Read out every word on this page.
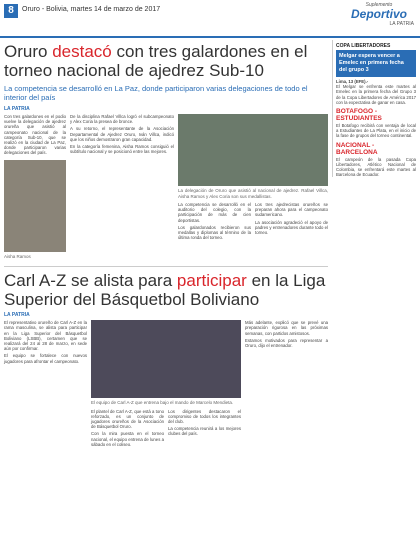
8	Oruro - Bolivia, martes 14 de marzo de 2017
Suplemento
Deportivo
LA PATRIA
Oruro destacó con tres galardones en el torneo nacional de ajedrez Sub-10
La competencia se desarrolló en La Paz, donde participaron varias delegaciones de todo el interior del país
LA PATRIA

Con tres galardones en el podio vuelve la delegación de ajedrez orureña que asistió al campeonato nacional de la categoría Sub-10, que se realizó en la ciudad de La Paz, donde participaron varias delegaciones del país.

Aisha Ramos

De la disciplina Rafael Villca logró el subcampeonato y Alex Coria la presea de bronce.

A su retorno, el representante de la Asociación Departamental de Ajedrez Oruro, Iván Villca, indicó que los niños demostraron gran capacidad.

En la categoría femenina, Aisha Ramos consiguió el subtítulo nacional y se posicionó entre las mejores.

La delegación de Oruro que asistió al nacional de ajedrez. Rafael Villca, Aisha Ramos y Alex Coria son sus medallistas.

La competencia se desarrolló en el auditorio del colegio, con la participación de más de cien deportistas.

Los galardonados recibieron sus medallas y diplomas al término de la última ronda del torneo.

Los tres ajedrecistas orureños se preparan ahora para el campeonato sudamericano.

La asociación agradeció el apoyo de padres y entrenadores durante todo el torneo.

Carl A-Z se alista para participar en la Liga Superior del Básquetbol Boliviano
LA PATRIA

El representativo orureño de Carl A-Z en la rama masculina, se alista para participar en la Liga Superior del Básquetbol Boliviano (LSBB), certamen que se realizará del 24 al 28 de marzo, en sede aún por confirmar.

El equipo se fortalece con nuevos jugadores para afrontar el campeonato.

El equipo de Carl A-Z que entrena bajo el mando de Marcelo Mendieta.

El plantel de Carl A-Z, que está a tono reforzado, es un conjunto de jugadores orureños de la Asociación de Básquetbol Oruro.

Con la mira puesta en el torneo nacional, el equipo entrena de lunes a sábado en el coliseo.

Los dirigentes destacaron el compromiso de todos los integrantes del club.

La competencia reunirá a los mejores clubes del país.

Más adelante, explicó que se prevé una preparación rigurosa en las próximas semanas, con partidos amistosos.

Estamos motivados para representar a Oruro, dijo el entrenador.

COPA LIBERTADORES
Melgar espera vencer a Emelec en primera fecha del grupo 3
Lima, 13 (EFE).-
El Melgar se enfrenta este martes al Emelec en la primera fecha del Grupo 3 de la Copa Libertadores de América 2017 con la expectativa de ganar en casa.
BOTAFOGO - ESTUDIANTES
El Botafogo recibirá con ventaja de local a Estudiantes de La Plata, en el inicio de la fase de grupos del torneo continental.
NACIONAL - BARCELONA
El campeón de la pasada Copa Libertadores, Atlético Nacional de Colombia, se enfrentará este martes al Barcelona de Ecuador.
